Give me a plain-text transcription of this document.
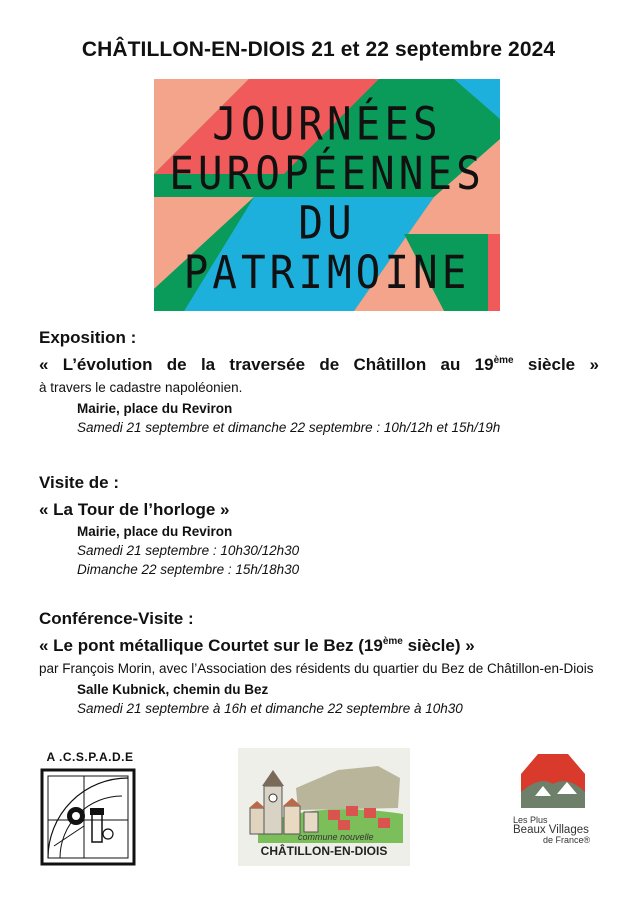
CHÂTILLON-EN-DIOIS 21 et 22 septembre 2024
JOURNÉES
EUROPÉENNES
DU
PATRIMOINE
Exposition :
« L’évolution de la traversée de Châtillon au 19ème siècle »
à travers le cadastre napoléonien.
Mairie, place du Reviron
Samedi 21 septembre et dimanche 22 septembre : 10h/12h et 15h/19h
Visite de :
« La Tour de l’horloge »
Mairie, place du Reviron
Samedi 21 septembre : 10h30/12h30
Dimanche 22 septembre : 15h/18h30
Conférence-Visite :
« Le pont métallique Courtet sur le Bez (19ème siècle) »
par François Morin, avec l’Association des résidents du quartier du Bez de Châtillon-en-Diois
Salle Kubnick, chemin du Bez
Samedi 21 septembre à 16h et dimanche 22 septembre à 10h30
A .C.S.P.A.D.E
commune nouvelle
CHÂTILLON-EN-DIOIS
Les Plus
Beaux Villages
de France®
